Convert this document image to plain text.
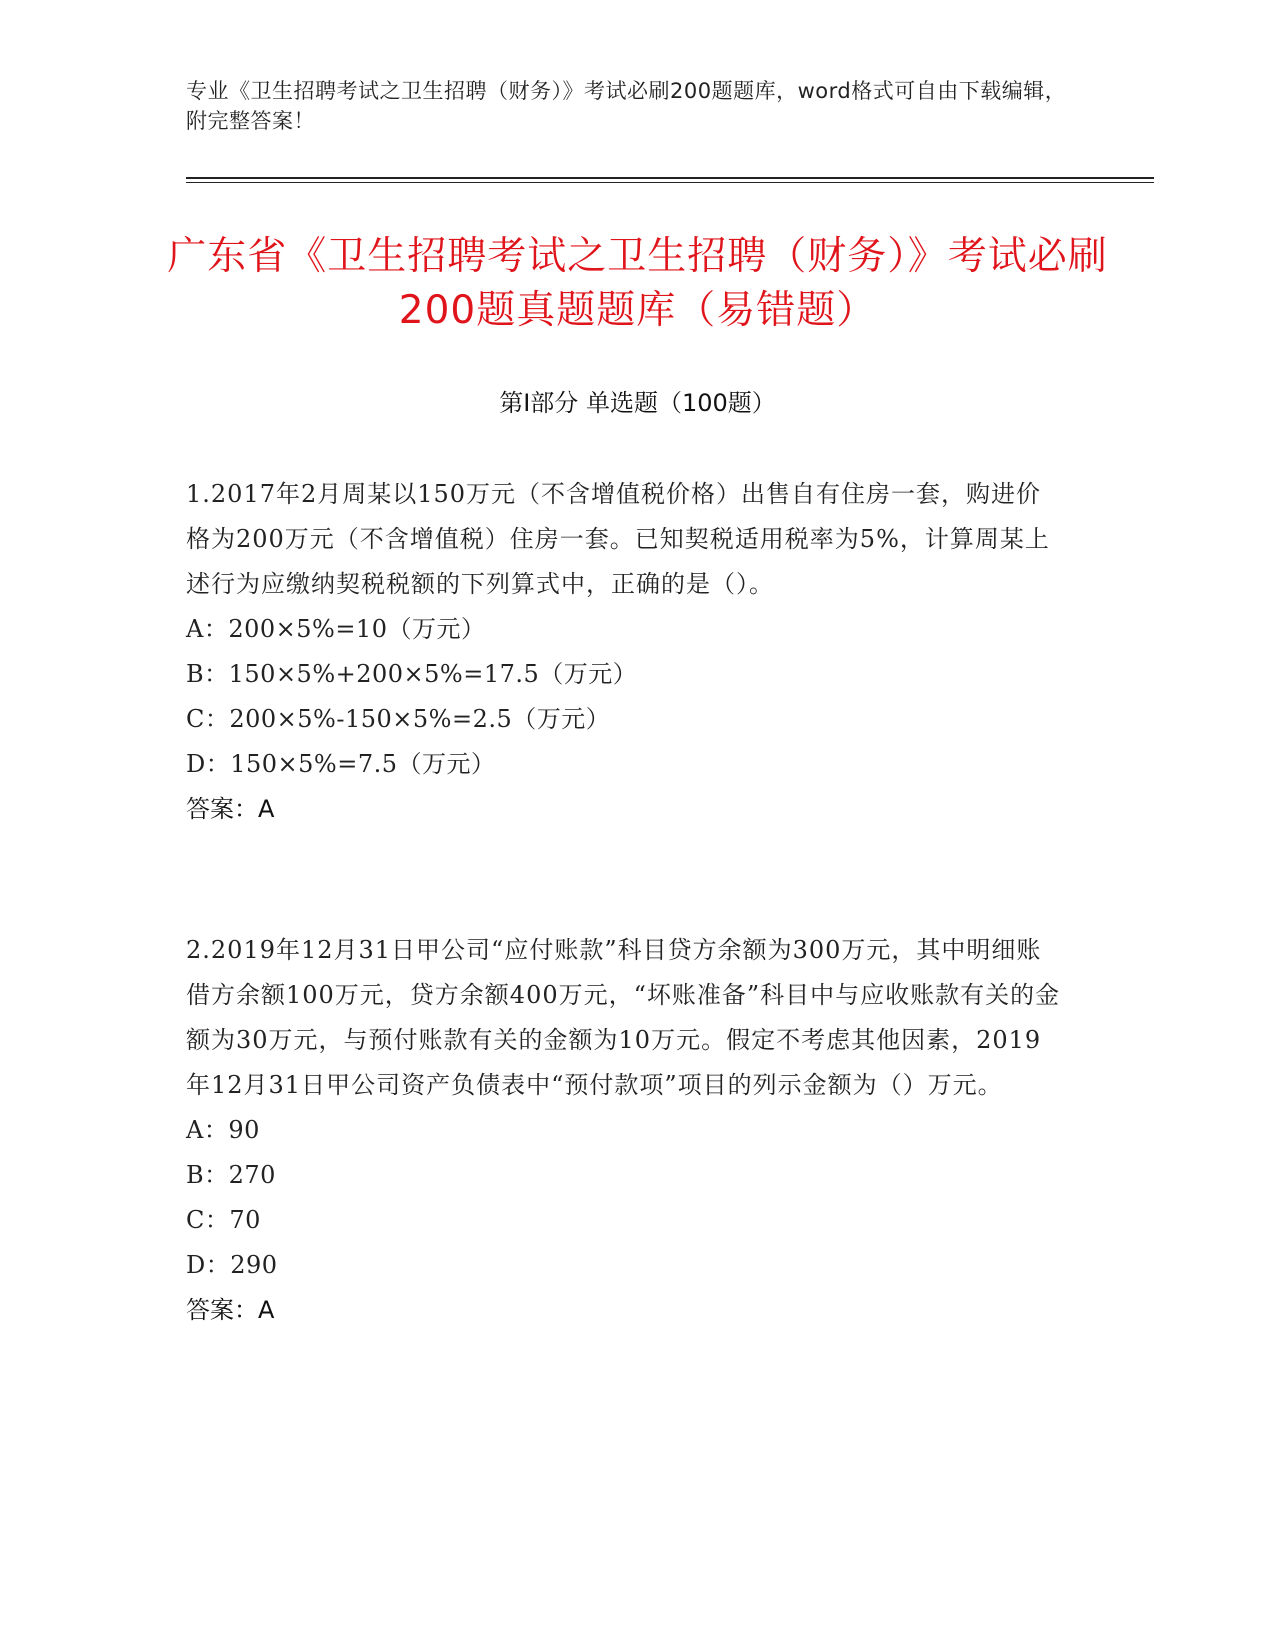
专业《卫生招聘考试之卫生招聘（财务）》考试必刷200题题库，word格式可自由下载编辑，附完整答案！
广东省《卫生招聘考试之卫生招聘（财务）》考试必刷200题真题题库（易错题）
第I部分 单选题（100题）
1.2017年2月周某以150万元（不含增值税价格）出售自有住房一套，购进价格为200万元（不含增值税）住房一套。已知契税适用税率为5%，计算周某上述行为应缴纳契税税额的下列算式中，正确的是（）。
A：200×5%=10（万元）
B：150×5%+200×5%=17.5（万元）
C：200×5%-150×5%=2.5（万元）
D：150×5%=7.5（万元）
答案：A
2.2019年12月31日甲公司“应付账款”科目贷方余额为300万元，其中明细账借方余额100万元，贷方余额400万元，“坏账准备”科目中与应收账款有关的金额为30万元，与预付账款有关的金额为10万元。假定不考虑其他因素，2019年12月31日甲公司资产负债表中“预付款项”项目的列示金额为（）万元。
A：90
B：270
C：70
D：290
答案：A
